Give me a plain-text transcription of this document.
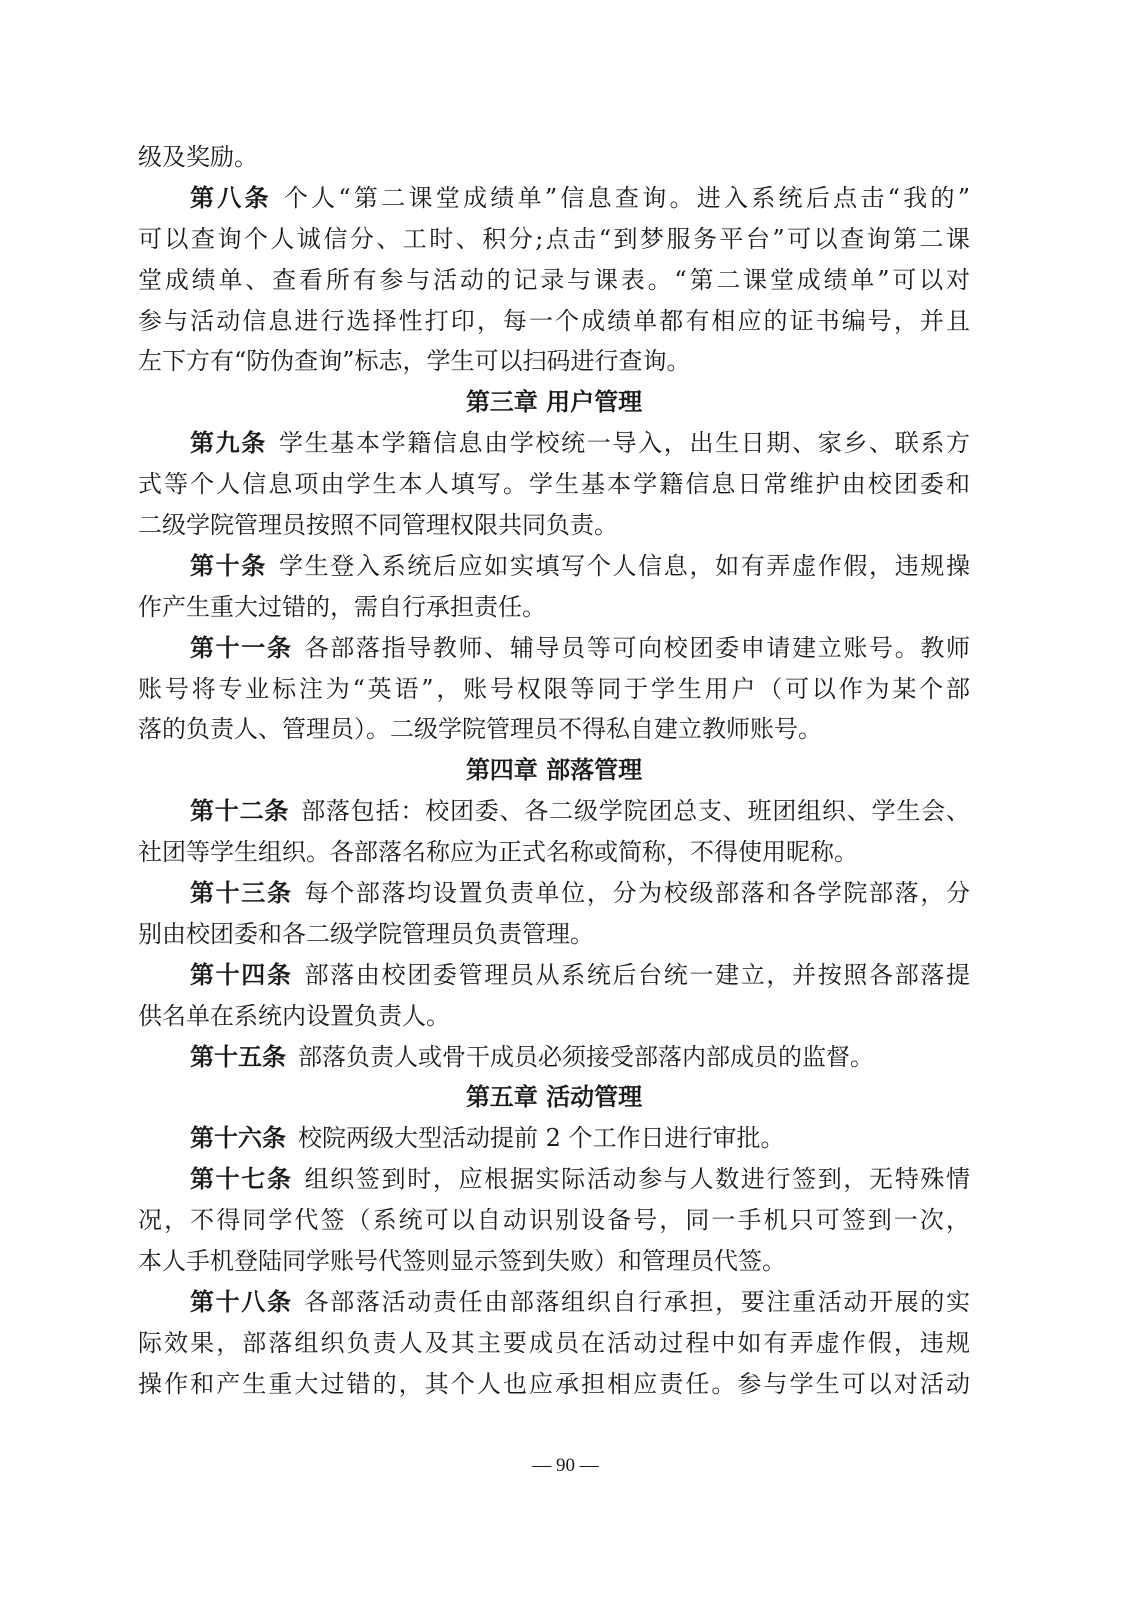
级及奖励。
第八条 个人“第二课堂成绩单”信息查询。进入系统后点击“我的”
可以查询个人诚信分、工时、积分;点击“到梦服务平台”可以查询第二课
堂成绩单、查看所有参与活动的记录与课表。“第二课堂成绩单”可以对
参与活动信息进行选择性打印，每一个成绩单都有相应的证书编号，并且
左下方有“防伪查询”标志，学生可以扫码进行查询。
第三章 用户管理
第九条 学生基本学籍信息由学校统一导入，出生日期、家乡、联系方
式等个人信息项由学生本人填写。学生基本学籍信息日常维护由校团委和
二级学院管理员按照不同管理权限共同负责。
第十条 学生登入系统后应如实填写个人信息，如有弄虚作假，违规操
作产生重大过错的，需自行承担责任。
第十一条 各部落指导教师、辅导员等可向校团委申请建立账号。教师
账号将专业标注为“英语”，账号权限等同于学生用户（可以作为某个部
落的负责人、管理员）。二级学院管理员不得私自建立教师账号。
第四章 部落管理
第十二条 部落包括：校团委、各二级学院团总支、班团组织、学生会、
社团等学生组织。各部落名称应为正式名称或简称，不得使用昵称。
第十三条 每个部落均设置负责单位，分为校级部落和各学院部落，分
别由校团委和各二级学院管理员负责管理。
第十四条 部落由校团委管理员从系统后台统一建立，并按照各部落提
供名单在系统内设置负责人。
第十五条 部落负责人或骨干成员必须接受部落内部成员的监督。
第五章 活动管理
第十六条 校院两级大型活动提前 2 个工作日进行审批。
第十七条 组织签到时，应根据实际活动参与人数进行签到，无特殊情
况，不得同学代签（系统可以自动识别设备号，同一手机只可签到一次，
本人手机登陆同学账号代签则显示签到失败）和管理员代签。
第十八条 各部落活动责任由部落组织自行承担，要注重活动开展的实
际效果，部落组织负责人及其主要成员在活动过程中如有弄虚作假，违规
操作和产生重大过错的，其个人也应承担相应责任。参与学生可以对活动
— 90 —
